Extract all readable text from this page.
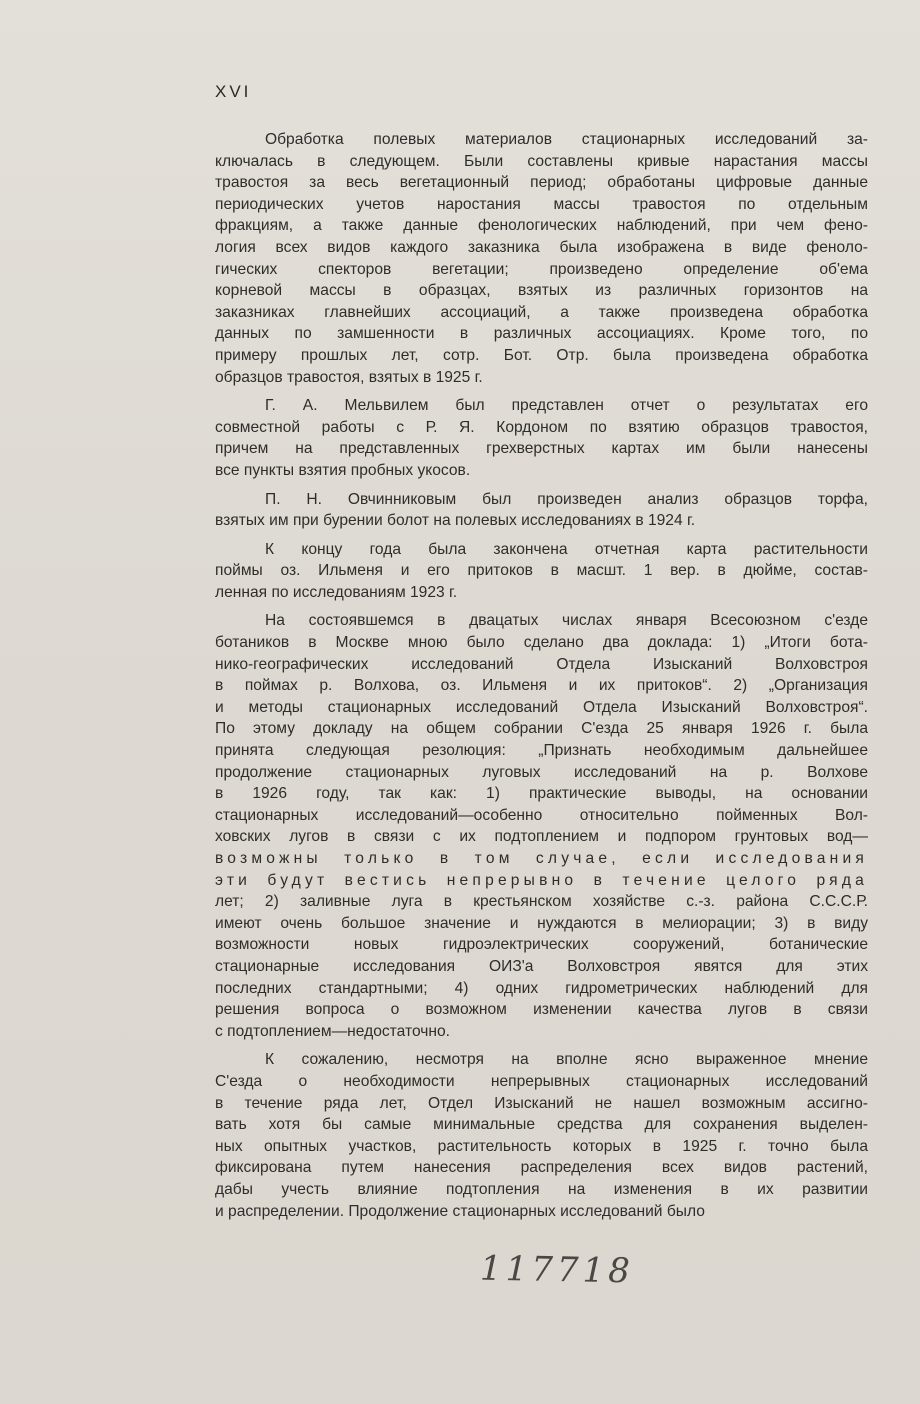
XVI
Обработка полевых материалов стационарных исследований за-
ключалась в следующем. Были составлены кривые нарастания массы
травостоя за весь вегетационный период; обработаны цифровые данные
периодических учетов наростания массы травостоя по отдельным
фракциям, а также данные фенологических наблюдений, при чем фено-
логия всех видов каждого заказника была изображена в виде феноло-
гических спекторов вегетации; произведено определение об'ема
корневой массы в образцах, взятых из различных горизонтов на
заказниках главнейших ассоциаций, а также произведена обработка
данных по замшенности в различных ассоциациях. Кроме того, по
примеру прошлых лет, сотр. Бот. Отр. была произведена обработка
образцов травостоя, взятых в 1925 г.
Г. А. Мельвилем был представлен отчет о результатах его
совместной работы с Р. Я. Кордоном по взятию образцов травостоя,
причем на представленных грехверстных картах им были нанесены
все пункты взятия пробных укосов.
П. Н. Овчинниковым был произведен анализ образцов торфа,
взятых им при бурении болот на полевых исследованиях в 1924 г.
К концу года была закончена отчетная карта растительности
поймы оз. Ильменя и его притоков в масшт. 1 вер. в дюйме, состав-
ленная по исследованиям 1923 г.
На состоявшемся в двацатых числах января Всесоюзном с'езде
ботаников в Москве мною было сделано два доклада: 1) „Итоги бота-
нико-географических исследований Отдела Изысканий Волховстроя
в поймах р. Волхова, оз. Ильменя и их притоков“. 2) „Организация
и методы стационарных исследований Отдела Изысканий Волховстроя“.
По этому докладу на общем собрании С'езда 25 января 1926 г. была
принята следующая резолюция: „Признать необходимым дальнейшее
продолжение стационарных луговых исследований на р. Волхове
в 1926 году, так как: 1) практические выводы, на основании
стационарных исследований—особенно относительно пойменных Вол-
ховских лугов в связи с их подтоплением и подпором грунтовых вод—
возможны только в том случае, если исследования
эти будут вестись непрерывно в течение целого ряда
лет; 2) заливные луга в крестьянском хозяйстве с.-з. района С.С.С.Р.
имеют очень большое значение и нуждаются в мелиорации; 3) в виду
возможности новых гидроэлектрических сооружений, ботанические
стационарные исследования ОИЗ'а Волховстроя явятся для этих
последних стандартными; 4) одних гидрометрических наблюдений для
решения вопроса о возможном изменении качества лугов в связи
с подтоплением—недостаточно.
К сожалению, несмотря на вполне ясно выраженное мнение
С'езда о необходимости непрерывных стационарных исследований
в течение ряда лет, Отдел Изысканий не нашел возможным ассигно-
вать хотя бы самые минимальные средства для сохранения выделен-
ных опытных участков, растительность которых в 1925 г. точно была
фиксирована путем нанесения распределения всех видов растений,
дабы учесть влияние подтопления на изменения в их развитии
и распределении. Продолжение стационарных исследований было
117718
